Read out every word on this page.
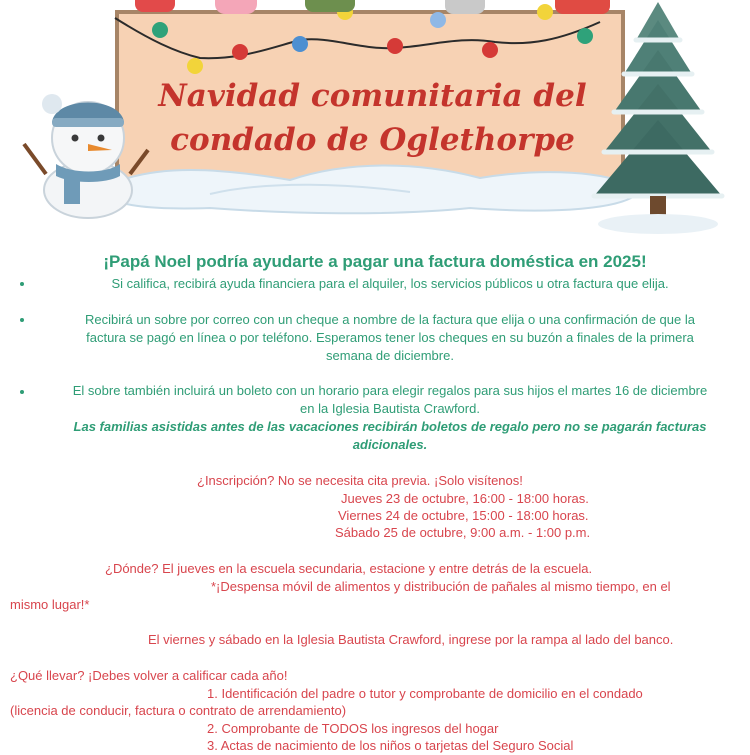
Navidad comunitaria del
condado de Oglethorpe
¡Papá Noel podría ayudarte a pagar una factura doméstica en 2025!

Si califica, recibirá ayuda financiera para el alquiler, los servicios públicos u otra factura que elija.

Recibirá un sobre por correo con un cheque a nombre de la factura que elija o una confirmación de que la

factura se pagó en línea o por teléfono. Esperamos tener los cheques en su buzón a finales de la primera

semana de diciembre.

El sobre también incluirá un boleto con un horario para elegir regalos para sus hijos el martes 16 de diciembre

en la Iglesia Bautista Crawford.

Las familias asistidas antes de las vacaciones recibirán boletos de regalo pero no se pagarán facturas

adicionales.

¿Inscripción? No se necesita cita previa. ¡Solo visítenos!

Jueves 23 de octubre, 16:00 - 18:00 horas.

Viernes 24 de octubre, 15:00 - 18:00 horas.

Sábado 25 de octubre, 9:00 a.m. - 1:00 p.m.

¿Dónde? El jueves en la escuela secundaria, estacione y entre detrás de la escuela.

*¡Despensa móvil de alimentos y distribución de pañales al mismo tiempo, en el

mismo lugar!*

El viernes y sábado en la Iglesia Bautista Crawford, ingrese por la rampa al lado del banco.

¿Qué llevar? ¡Debes volver a calificar cada año!

1. Identificación del padre o tutor y comprobante de domicilio en el condado

(licencia de conducir, factura o contrato de arrendamiento)

2. Comprobante de TODOS los ingresos del hogar

3. Actas de nacimiento de los niños o tarjetas del Seguro Social
